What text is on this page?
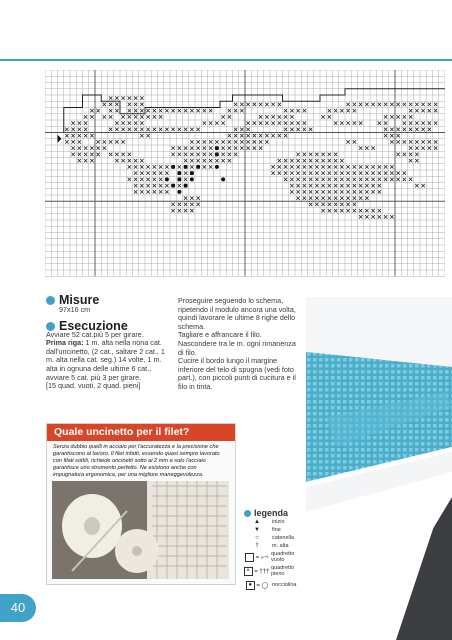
Misure
97x16 cm
Esecuzione

Avviare 52 cat.più 5 per girare.

Prima riga: 1 m. alta nella nona cat. dall'uncinetto, (2 cat., saltare 2 cat., 1 m. alta nella cat. seg.) 14 volte, 1 m. alta in ognuna delle ultime 6 cat., avviare 5 cat. più 3 per girare.

[15 quad. vuoti, 2 quad. pieni]

Proseguire seguendo lo schema, ripetendo il modulo ancora una volta, quindi lavorare le ultime 8 righe dello schema.

Tagliare e affrancare il filo.

Nascondere tra le m. ogni rimanenza di filo.

Cucire il bordo lungo il margine inferiore del telo di spugna (vedi foto part.), con piccoli punti di cucitura e il filo in tinta.

Quale uncinetto per il filet?
Senza dubbio quelli in acciaio per l'accuratezza e la precisione che garantiscono al lavoro. Il filet infatti, essendo quasi sempre lavorato con filati sottili, richiede uncinetti sotto ai 2 mm e solo l'acciaio garantisce uno strumento perfetto. Ne esistono anche con impugnatura ergonomica, per una migliore maneggevolezza.
legenda
▲	inizio
▼	fine
○	catenella
†	m. alta
= ⌐¬
quadretto vuoto
× = †††
quadretto pieno
● = ◯ nocciolina
40
